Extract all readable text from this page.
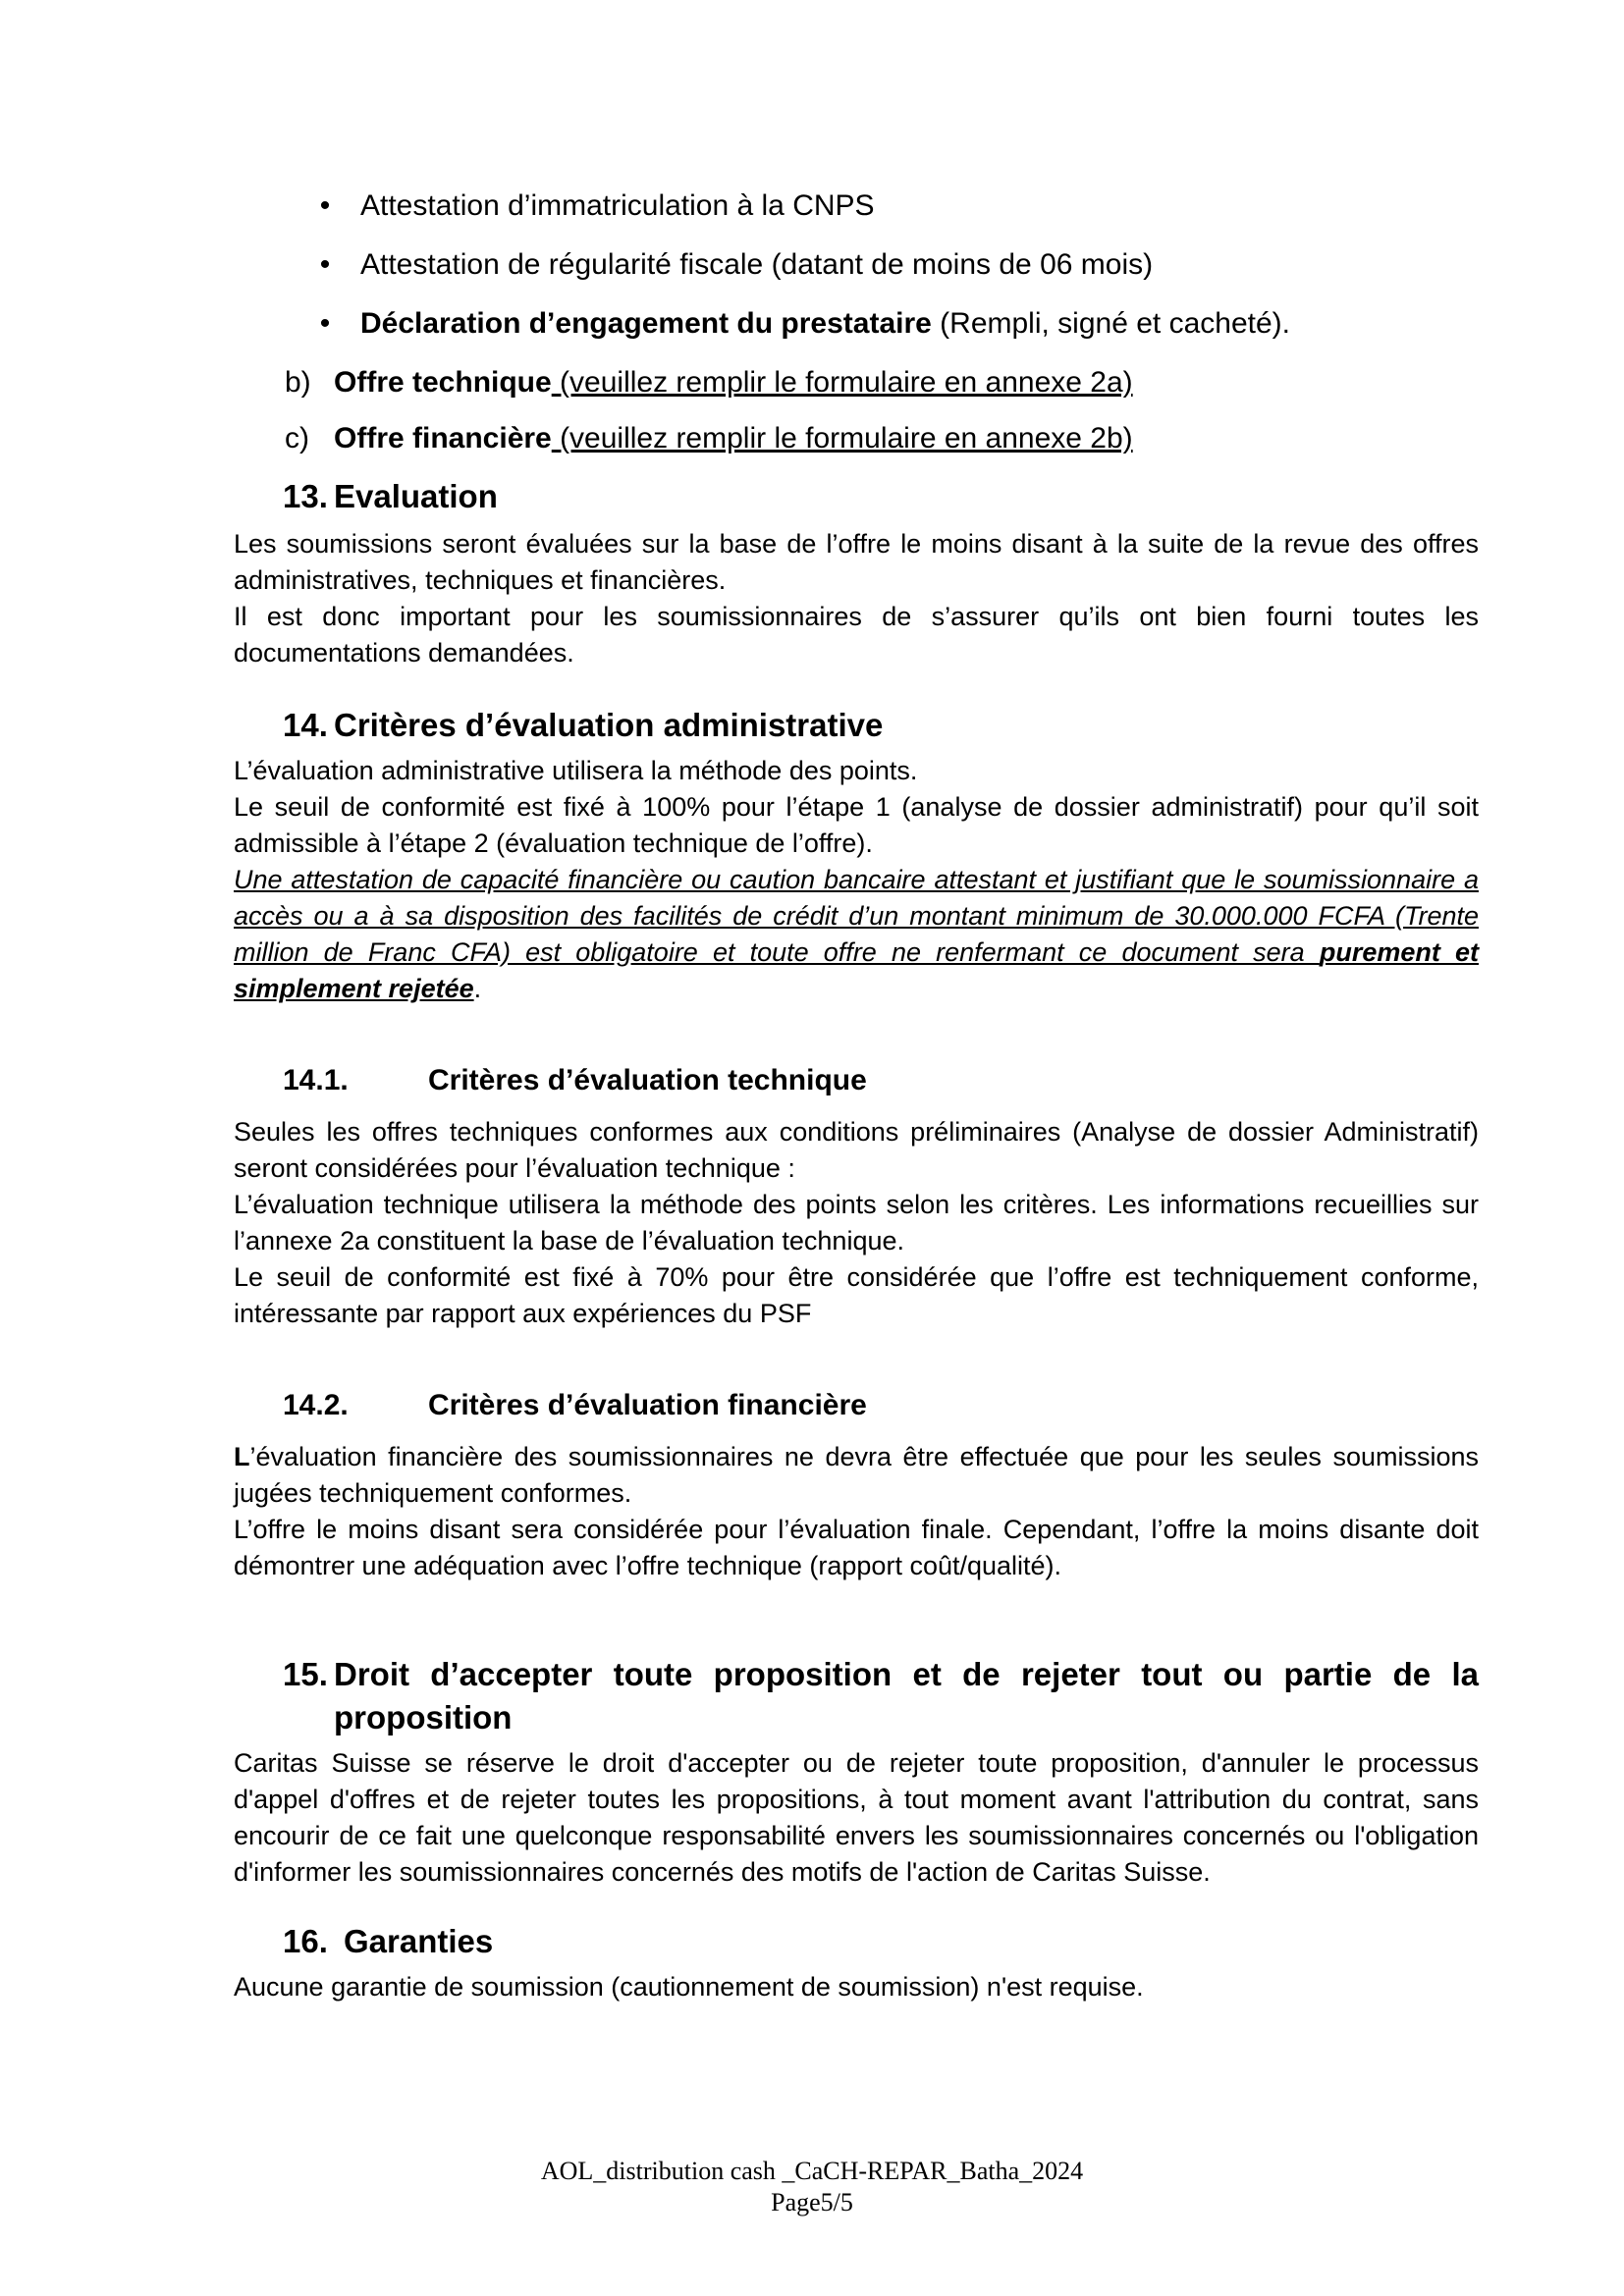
•	Attestation d’immatriculation à la CNPS
•	Attestation de régularité fiscale (datant de moins de 06 mois)
•	Déclaration d’engagement du prestataire (Rempli, signé et cacheté).
b) Offre technique (veuillez remplir le formulaire en annexe 2a)
c) Offre financière (veuillez remplir le formulaire en annexe 2b)
13. Evaluation

Les soumissions seront évaluées sur la base de l’offre le moins disant à la suite de la revue des offres administratives, techniques et financières.

Il est donc important pour les soumissionnaires de s’assurer qu’ils ont bien fourni toutes les documentations demandées.

14. Critères d’évaluation administrative

L’évaluation administrative utilisera la méthode des points.

Le seuil de conformité est fixé à 100% pour l’étape 1 (analyse de dossier administratif) pour qu’il soit admissible à l’étape 2 (évaluation technique de l’offre).

Une attestation de capacité financière ou caution bancaire attestant et justifiant que le soumissionnaire a accès ou a à sa disposition des facilités de crédit d’un montant minimum de 30.000.000 FCFA (Trente million de Franc CFA) est obligatoire et toute offre ne renfermant ce document sera purement et simplement rejetée.

14.1.	Critères d’évaluation technique

Seules les offres techniques conformes aux conditions préliminaires (Analyse de dossier Administratif) seront considérées pour l’évaluation technique :

L’évaluation technique utilisera la méthode des points selon les critères. Les informations recueillies sur l’annexe 2a constituent la base de l’évaluation technique.

Le seuil de conformité est fixé à 70% pour être considérée que l’offre est techniquement conforme, intéressante par rapport aux expériences du PSF

14.2.	Critères d’évaluation financière

L’évaluation financière des soumissionnaires ne devra être effectuée que pour les seules soumissions jugées techniquement conformes.

L’offre le moins disant sera considérée pour l’évaluation finale. Cependant, l’offre la moins disante doit démontrer une adéquation avec l’offre technique (rapport coût/qualité).

15. Droit d’accepter toute proposition et de rejeter tout ou partie de la proposition

Caritas Suisse se réserve le droit d'accepter ou de rejeter toute proposition, d'annuler le processus d'appel d'offres et de rejeter toutes les propositions, à tout moment avant l'attribution du contrat, sans encourir de ce fait une quelconque responsabilité envers les soumissionnaires concernés ou l'obligation d'informer les soumissionnaires concernés des motifs de l'action de Caritas Suisse.

16. Garanties

Aucune garantie de soumission (cautionnement de soumission) n'est requise.

AOL_distribution cash _CaCH-REPAR_Batha_2024
Page5/5
